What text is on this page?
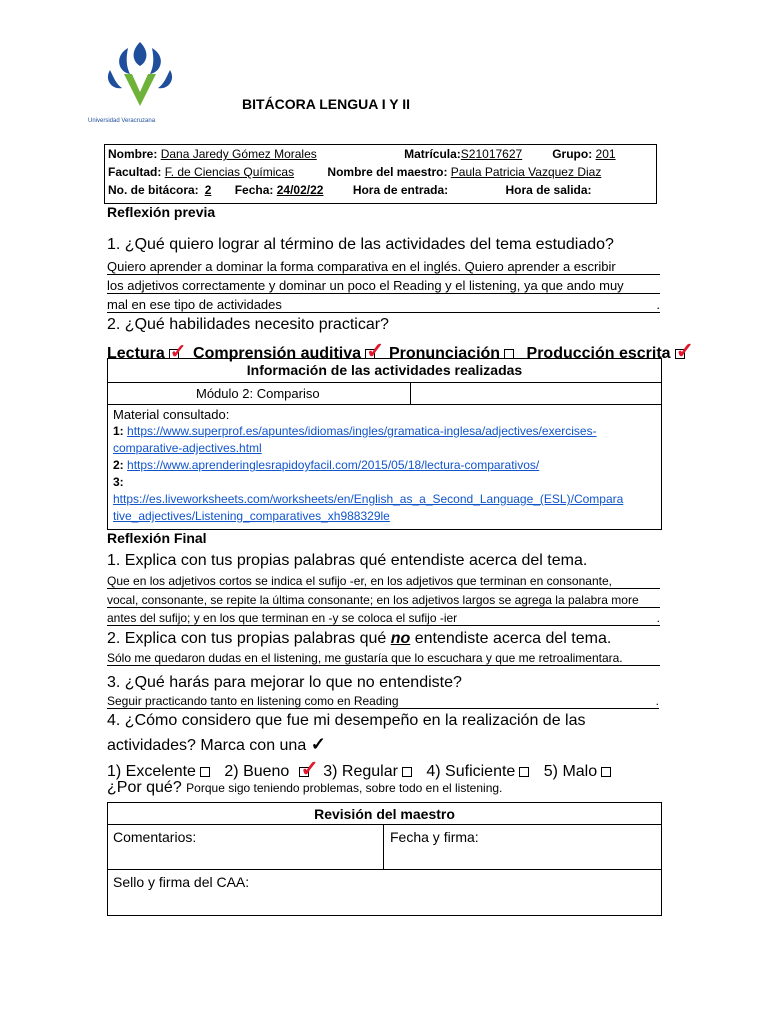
Universidad Veracruzana
BITÁCORA LENGUA I Y II
Nombre: Dana Jaredy Gómez Morales	Matrícula:S21017627	Grupo: 201
Facultad: F. de Ciencias Químicas	Nombre del maestro: Paula Patricia Vazquez Diaz
No. de bitácora: 2 Fecha: 24/02/22 Hora de entrada:	Hora de salida:
Reflexión previa
1. ¿Qué quiero lograr al término de las actividades del tema estudiado?
Quiero aprender a dominar la forma comparativa en el inglés. Quiero aprender a escribir
los adjetivos correctamente y dominar un poco el Reading y el listening, ya que ando muy
mal en ese tipo de actividades	.
2. ¿Qué habilidades necesito practicar?
Lectura ✓ Comprensión auditiva ✓ Pronunciación Producción escrita ✓
Información de las actividades realizadas
Módulo 2: Compariso
Material consultado:
1: https://www.superprof.es/apuntes/idiomas/ingles/gramatica-inglesa/adjectives/exercises-
comparative-adjectives.html
2: https://www.aprenderinglesrapidoyfacil.com/2015/05/18/lectura-comparativos/
3:
https://es.liveworksheets.com/worksheets/en/English_as_a_Second_Language_(ESL)/Compara
tive_adjectives/Listening_comparatives_xh988329le
Reflexión Final
1. Explica con tus propias palabras qué entendiste acerca del tema.
Que en los adjetivos cortos se indica el sufijo -er, en los adjetivos que terminan en consonante,
vocal, consonante, se repite la última consonante; en los adjetivos largos se agrega la palabra more
antes del sufijo; y en los que terminan en -y se coloca el sufijo -ier	.
2. Explica con tus propias palabras qué no entendiste acerca del tema.
Sólo me quedaron dudas en el listening, me gustaría que lo escuchara y que me retroalimentara.
3. ¿Qué harás para mejorar lo que no entendiste?
Seguir practicando tanto en listening como en Reading	.
4. ¿Cómo considero que fue mi desempeño en la realización de las
actividades? Marca con una ✓
1) Excelente 2) Bueno ✓ 3) Regular 4) Suficiente 5) Malo
¿Por qué? Porque sigo teniendo problemas, sobre todo en el listening.
Revisión del maestro
Comentarios:	Fecha y firma:
Sello y firma del CAA:
